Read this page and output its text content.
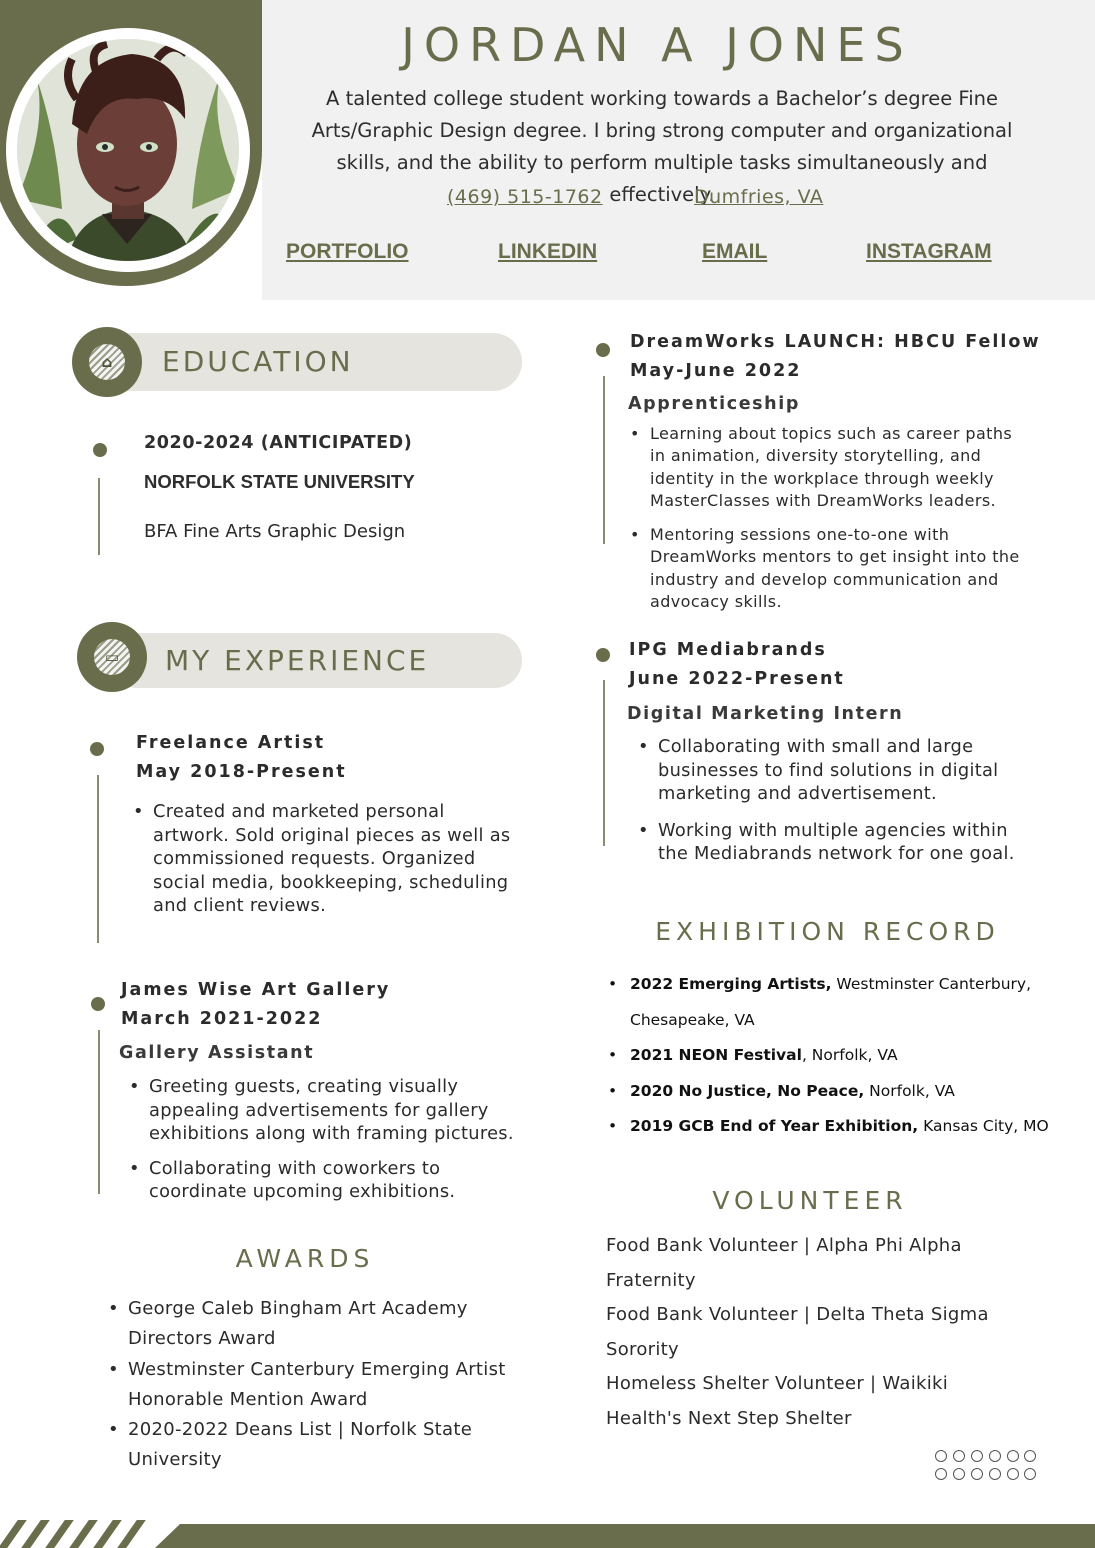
JORDAN A JONES
A talented college student working towards a Bachelor’s degree Fine Arts/Graphic Design degree. I bring strong computer and organizational skills, and the ability to perform multiple tasks simultaneously and effectively.
(469) 515-1762	Dumfries, VA
PORTFOLIO	LINKEDIN	EMAIL	INSTAGRAM
⌂	EDUCATION
2020-2024 (ANTICIPATED)
NORFOLK STATE UNIVERSITY
BFA Fine Arts Graphic Design
▭	MY EXPERIENCE
Freelance Artist
May 2018-Present
• Created and marketed personal artwork. Sold original pieces as well as commissioned requests. Organized social media, bookkeeping, scheduling and client reviews.
James Wise Art Gallery
March 2021-2022
Gallery Assistant
• Greeting guests, creating visually appealing advertisements for gallery exhibitions along with framing pictures.
• Collaborating with coworkers to coordinate upcoming exhibitions.
DreamWorks LAUNCH: HBCU Fellow
May-June 2022
Apprenticeship
• Learning about topics such as career paths in animation, diversity storytelling, and identity in the workplace through weekly MasterClasses with DreamWorks leaders.
• Mentoring sessions one-to-one with DreamWorks mentors to get insight into the industry and develop communication and advocacy skills.
IPG Mediabrands
June 2022-Present
Digital Marketing Intern
• Collaborating with small and large businesses to find solutions in digital marketing and advertisement.
• Working with multiple agencies within the Mediabrands network for one goal.
EXHIBITION RECORD
• 2022 Emerging Artists, Westminster Canterbury, Chesapeake, VA
• 2021 NEON Festival, Norfolk, VA
• 2020 No Justice, No Peace, Norfolk, VA
• 2019 GCB End of Year Exhibition, Kansas City, MO
VOLUNTEER
Food Bank Volunteer | Alpha Phi Alpha Fraternity
Food Bank Volunteer | Delta Theta Sigma Sorority
Homeless Shelter Volunteer | Waikiki Health's Next Step Shelter
AWARDS
• George Caleb Bingham Art Academy Directors Award
• Westminster Canterbury Emerging Artist Honorable Mention Award
• 2020-2022 Deans List | Norfolk State University
